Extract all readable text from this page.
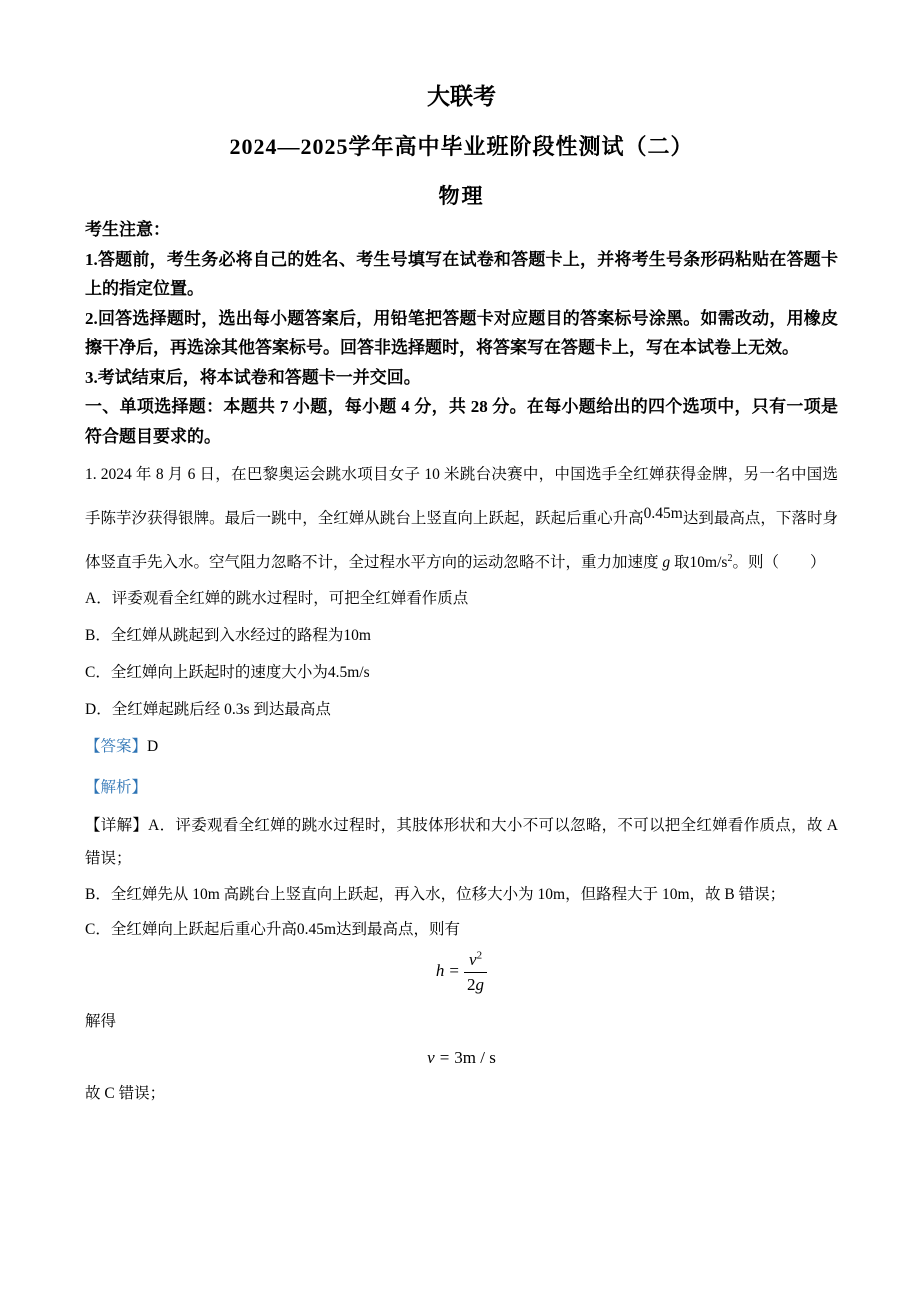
大联考
2024—2025学年高中毕业班阶段性测试（二）
物理

考生注意：

1.答题前，考生务必将自己的姓名、考生号填写在试卷和答题卡上，并将考生号条形码粘贴在答题卡上的指定位置。

2.回答选择题时，选出每小题答案后，用铅笔把答题卡对应题目的答案标号涂黑。如需改动，用橡皮擦干净后，再选涂其他答案标号。回答非选择题时，将答案写在答题卡上，写在本试卷上无效。

3.考试结束后，将本试卷和答题卡一并交回。

一、单项选择题：本题共 7 小题，每小题 4 分，共 28 分。在每小题给出的四个选项中，只有一项是符合题目要求的。

1. 2024 年 8 月 6 日，在巴黎奥运会跳水项目女子 10 米跳台决赛中，中国选手全红婵获得金牌，另一名中国选手陈芋汐获得银牌。最后一跳中，全红婵从跳台上竖直向上跃起，跃起后重心升高0.45m达到最高点，下落时身体竖直手先入水。空气阻力忽略不计，全过程水平方向的运动忽略不计，重力加速度 g 取$10m/s^2$。则（　　）

A．评委观看全红婵的跳水过程时，可把全红婵看作质点

B．全红婵从跳起到入水经过的路程为10m

C．全红婵向上跃起时的速度大小为4.5m/s

D．全红婵起跳后经 0.3s 到达最高点

【答案】D

【解析】

【详解】A．评委观看全红婵的跳水过程时，其肢体形状和大小不可以忽略，不可以把全红婵看作质点，故 A 错误；

B．全红婵先从 10m 高跳台上竖直向上跃起，再入水，位移大小为 10m，但路程大于 10m，故 B 错误；

C．全红婵向上跃起后重心升高0.45m达到最高点，则有

$h = \frac{v^2}{2g}$

解得

v = 3m / s

故 C 错误；
